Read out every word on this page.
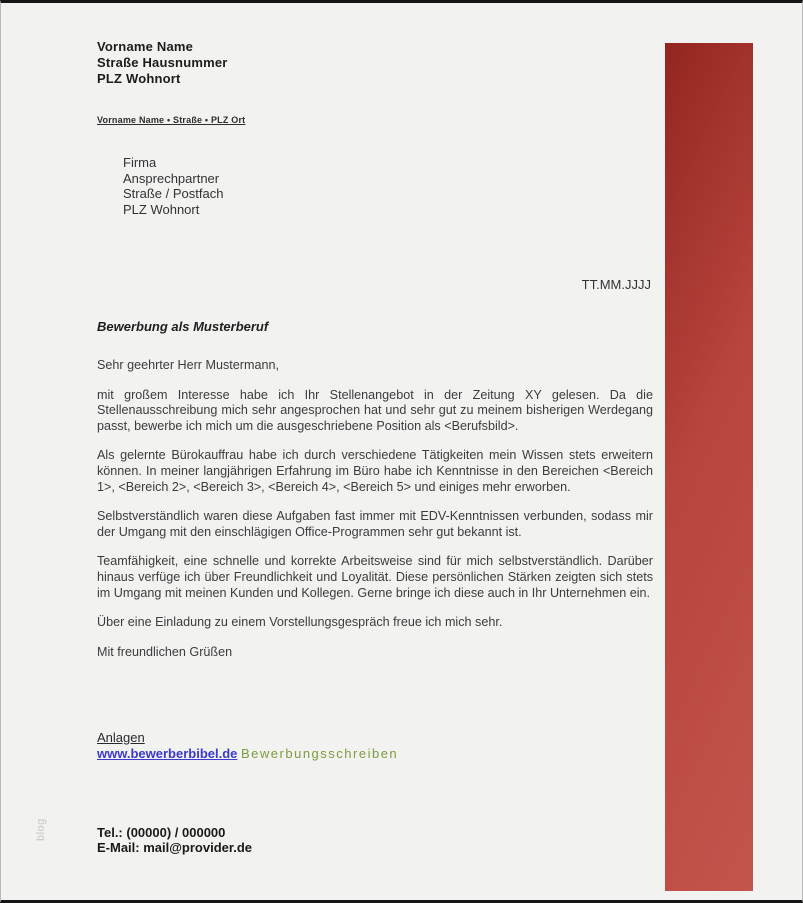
blog
Vorname Name
Straße Hausnummer
PLZ Wohnort
Vorname Name • Straße • PLZ Ort
Firma
Ansprechpartner
Straße / Postfach
PLZ Wohnort
TT.MM.JJJJ
Bewerbung als Musterberuf

Sehr geehrter Herr Mustermann,

mit großem Interesse habe ich Ihr Stellenangebot in der Zeitung XY gelesen. Da die Stellenausschreibung mich sehr angesprochen hat und sehr gut zu meinem bisherigen Werdegang passt, bewerbe ich mich um die ausgeschriebene Position als <Berufsbild>.

Als gelernte Bürokauffrau habe ich durch verschiedene Tätigkeiten mein Wissen stets erweitern können. In meiner langjährigen Erfahrung im Büro habe ich Kenntnisse in den Bereichen <Bereich 1>, <Bereich 2>, <Bereich 3>, <Bereich 4>, <Bereich 5> und einiges mehr erworben.

Selbstverständlich waren diese Aufgaben fast immer mit EDV-Kenntnissen verbunden, sodass mir der Umgang mit den einschlägigen Office-Programmen sehr gut bekannt ist.

Teamfähigkeit, eine schnelle und korrekte Arbeitsweise sind für mich selbstverständlich. Darüber hinaus verfüge ich über Freundlichkeit und Loyalität. Diese persönlichen Stärken zeigten sich stets im Umgang mit meinen Kunden und Kollegen. Gerne bringe ich diese auch in Ihr Unternehmen ein.

Über eine Einladung zu einem Vorstellungsgespräch freue ich mich sehr.

Mit freundlichen Grüßen

Anlagen
www.bewerberbibel.de Bewerbungsschreiben
Tel.: (00000) / 000000
E-Mail: mail@provider.de
